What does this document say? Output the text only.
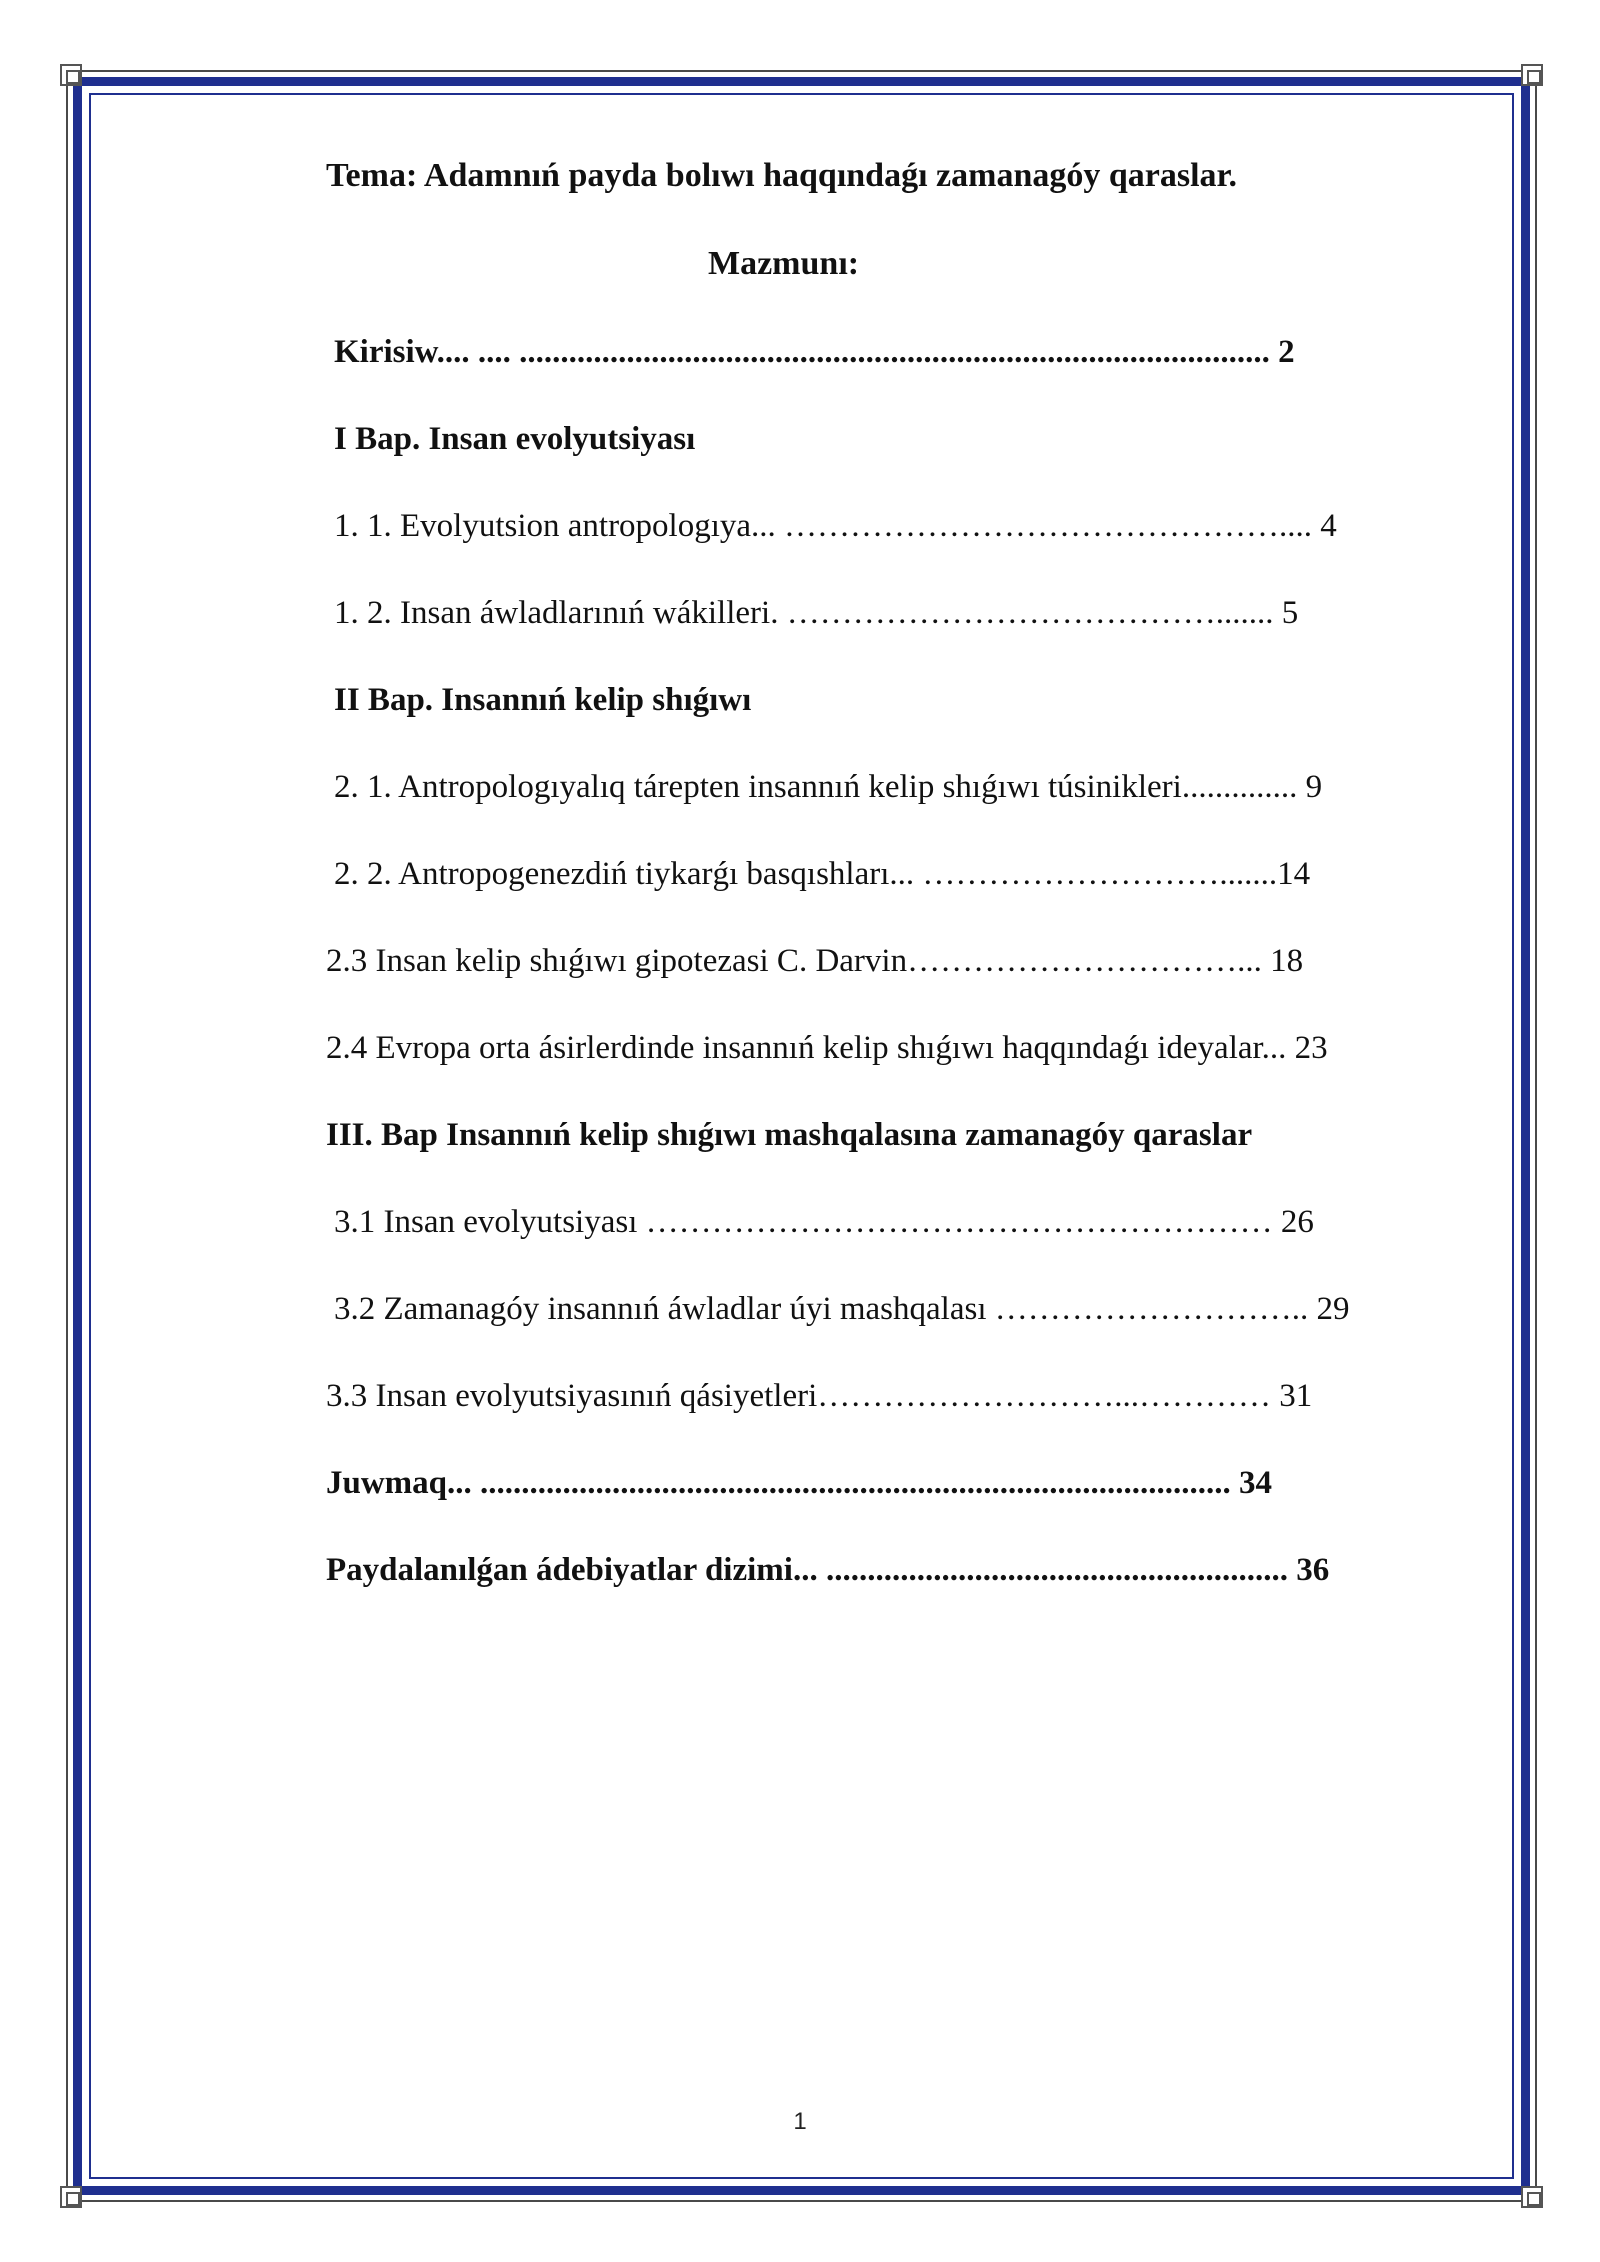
Tema: Adamnıń payda bolıwı haqqındaǵı zamanagóy qaraslar.
Mazmunı:
Kirisiw.... .... ........................................................................................... 2
I Bap. Insan evolyutsiyası
1. 1. Evolyutsion antropologıya... ……………………………………….... 4
1. 2. Insan áwladlarınıń wákilleri. …………………………………....... 5
II Bap. Insannıń kelip shıǵıwı
2. 1. Antropologıyalıq tárepten insannıń kelip shıǵıwı túsinikleri.............. 9
2. 2. Antropogenezdiń tiykarǵı basqıshları... ……………………….......14
2.3 Insan kelip shıǵıwı gipotezasi C. Darvin…………………………... 18
2.4 Evropa orta ásirlerdinde insannıń kelip shıǵıwı haqqındaǵı ideyalar... 23
III. Bap Insannıń kelip shıǵıwı mashqalasına zamanagóy qaraslar
3.1 Insan evolyutsiyası ………………………………………………… 26
3.2 Zamanagóy insannıń áwladlar úyi mashqalası ……………………….. 29
3.3 Insan evolyutsiyasınıń qásiyetleri………………………...………… 31
Juwmaq... ........................................................................................... 34
Paydalanılǵan ádebiyatlar dizimi... ........................................................ 36
1
